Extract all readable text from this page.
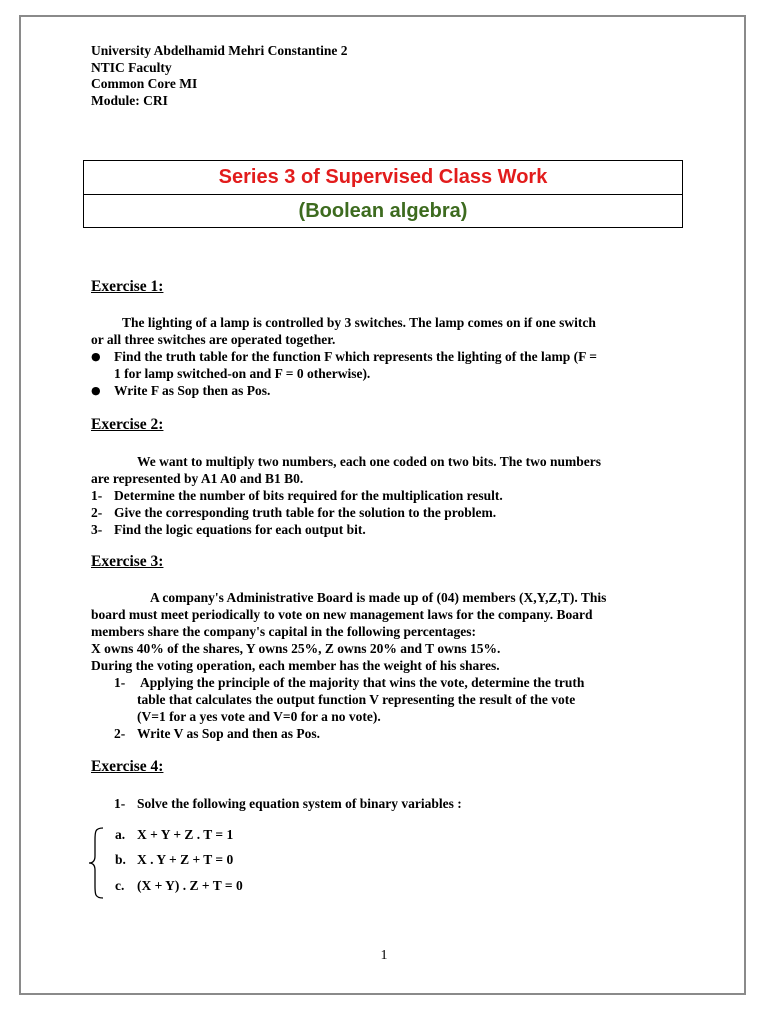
University Abdelhamid Mehri Constantine 2
NTIC Faculty
Common Core MI
Module: CRI
Series 3 of Supervised Class Work
(Boolean algebra)
Exercise 1:
The lighting of a lamp is controlled by 3 switches. The lamp comes on if one switch
or all three switches are operated together.
● Find the truth table for the function F which represents the lighting of the lamp (F =
1 for lamp switched-on and F = 0 otherwise).
● Write F as Sop then as Pos.
Exercise 2:
We want to multiply two numbers, each one coded on two bits. The two numbers
are represented by A1 A0 and B1 B0.
1- Determine the number of bits required for the multiplication result.
2- Give the corresponding truth table for the solution to the problem.
3- Find the logic equations for each output bit.
Exercise 3:
A company's Administrative Board is made up of (04) members (X,Y,Z,T). This
board must meet periodically to vote on new management laws for the company. Board
members share the company's capital in the following percentages:
X owns 40% of the shares, Y owns 25%, Z owns 20% and T owns 15%.
During the voting operation, each member has the weight of his shares.
1- Applying the principle of the majority that wins the vote, determine the truth
table that calculates the output function V representing the result of the vote
(V=1 for a yes vote and V=0 for a no vote).
2- Write V as Sop and then as Pos.
Exercise 4:
1- Solve the following equation system of binary variables :
a. X + Y + Z . T = 1
b. X . Y + Z + T = 0
c. (X + Y) . Z + T = 0
1
